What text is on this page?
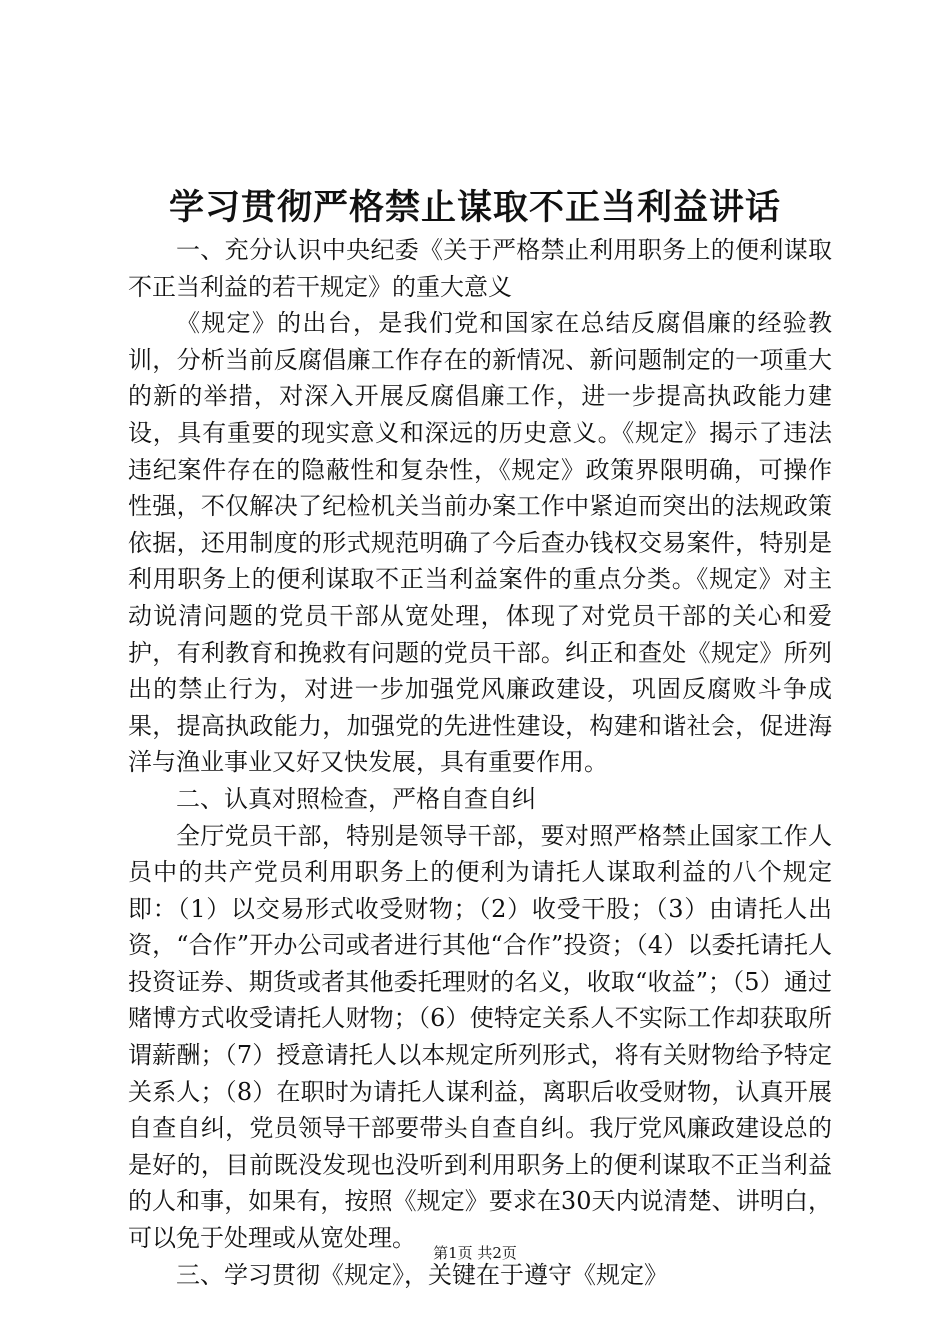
学习贯彻严格禁止谋取不正当利益讲话

一、充分认识中央纪委《关于严格禁止利用职务上的便利谋取不正当利益的若干规定》的重大意义

《规定》的出台，是我们党和国家在总结反腐倡廉的经验教训，分析当前反腐倡廉工作存在的新情况、新问题制定的一项重大的新的举措，对深入开展反腐倡廉工作，进一步提高执政能力建设，具有重要的现实意义和深远的历史意义。《规定》揭示了违法违纪案件存在的隐蔽性和复杂性，《规定》政策界限明确，可操作性强，不仅解决了纪检机关当前办案工作中紧迫而突出的法规政策依据，还用制度的形式规范明确了今后查办钱权交易案件，特别是利用职务上的便利谋取不正当利益案件的重点分类。《规定》对主动说清问题的党员干部从宽处理，体现了对党员干部的关心和爱护，有利教育和挽救有问题的党员干部。纠正和查处《规定》所列出的禁止行为，对进一步加强党风廉政建设，巩固反腐败斗争成果，提高执政能力，加强党的先进性建设，构建和谐社会，促进海洋与渔业事业又好又快发展，具有重要作用。

二、认真对照检查，严格自查自纠

全厅党员干部，特别是领导干部，要对照严格禁止国家工作人员中的共产党员利用职务上的便利为请托人谋取利益的八个规定即：（1）以交易形式收受财物；（2）收受干股；（3）由请托人出资，“合作”开办公司或者进行其他“合作”投资；（4）以委托请托人投资证券、期货或者其他委托理财的名义，收取“收益”；（5）通过赌博方式收受请托人财物；（6）使特定关系人不实际工作却获取所谓薪酬；（7）授意请托人以本规定所列形式，将有关财物给予特定关系人；（8）在职时为请托人谋利益，离职后收受财物，认真开展自查自纠，党员领导干部要带头自查自纠。我厅党风廉政建设总的是好的，目前既没发现也没听到利用职务上的便利谋取不正当利益的人和事，如果有，按照《规定》要求在30天内说清楚、讲明白，可以免于处理或从宽处理。

三、学习贯彻《规定》，关键在于遵守《规定》

第1页 共2页
